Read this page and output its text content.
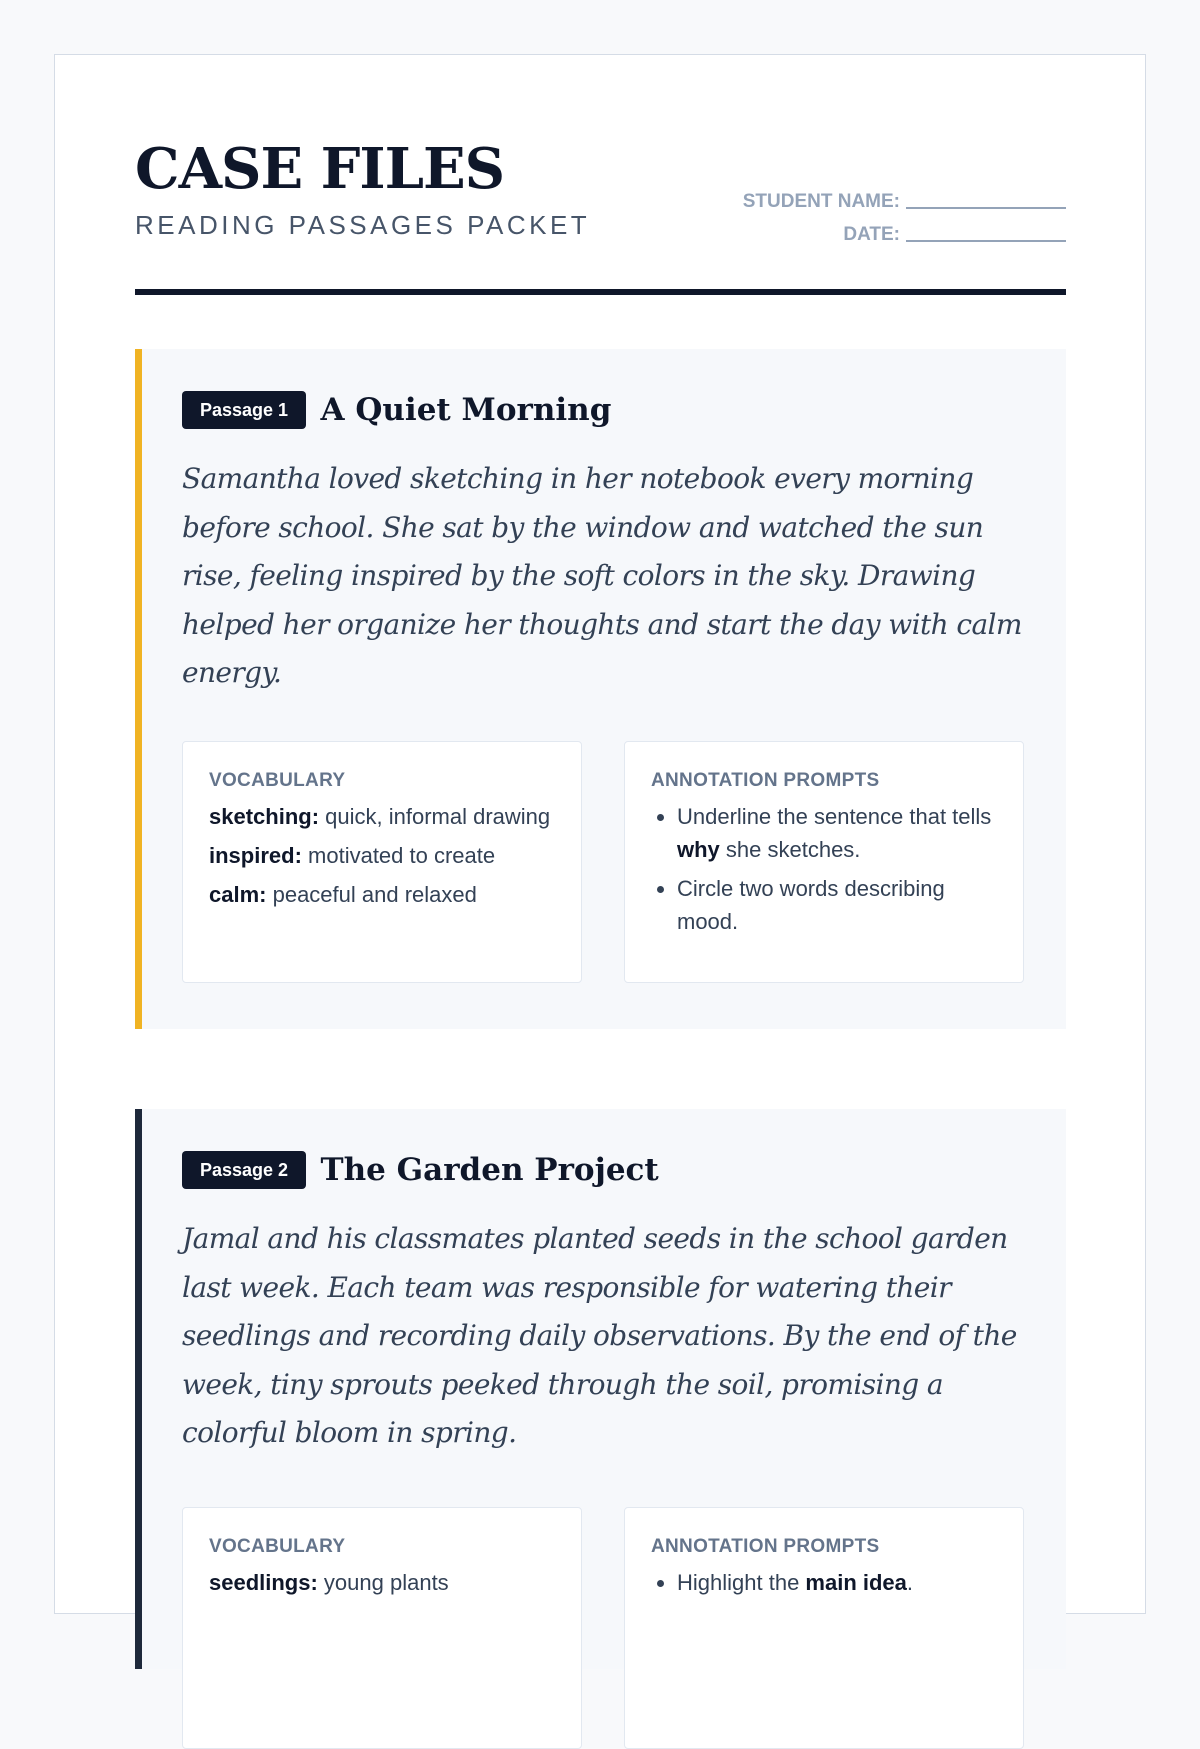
CASE FILES
READING PASSAGES PACKET
STUDENT NAME:
DATE:
Passage 1 A Quiet Morning

Samantha loved sketching in her notebook every morning before school. She sat by the window and watched the sun rise, feeling inspired by the soft colors in the sky. Drawing helped her organize her thoughts and start the day with calm energy.

VOCABULARY
sketching: quick, informal drawing
inspired: motivated to create
calm: peaceful and relaxed
ANNOTATION PROMPTS
• Underline the sentence that tells why she sketches.
• Circle two words describing mood.
Passage 2 The Garden Project

Jamal and his classmates planted seeds in the school garden last week. Each team was responsible for watering their seedlings and recording daily observations. By the end of the week, tiny sprouts peeked through the soil, promising a colorful bloom in spring.

VOCABULARY
seedlings: young plants
ANNOTATION PROMPTS
• Highlight the main idea.
